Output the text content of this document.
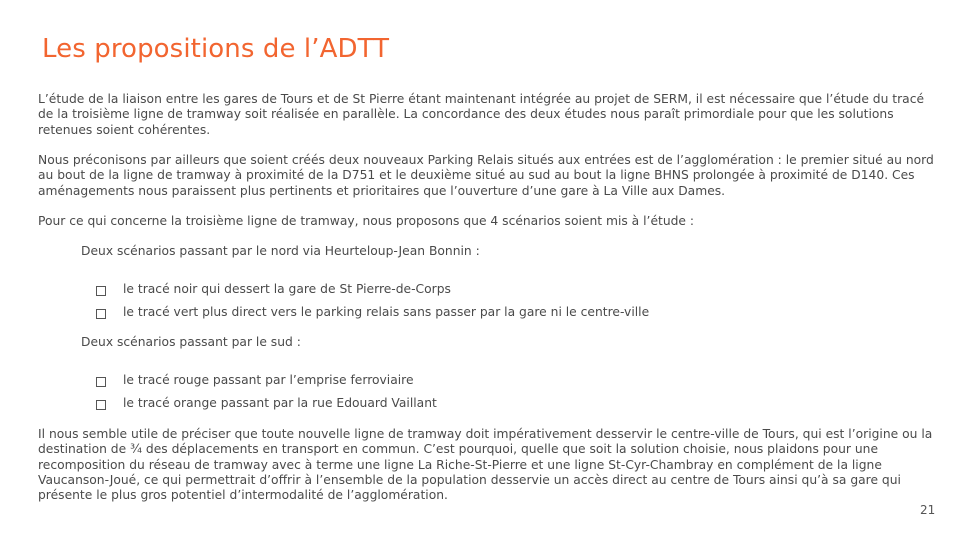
Les propositions de l’ADTT

L’étude de la liaison entre les gares de Tours et de St Pierre étant maintenant intégrée au projet de SERM, il est nécessaire que l’étude du tracé de la troisième ligne de tramway soit réalisée en parallèle. La concordance des deux études nous paraît primordiale pour que les solutions retenues soient cohérentes.

Nous préconisons par ailleurs que soient créés deux nouveaux Parking Relais situés aux entrées est de l’agglomération : le premier situé au nord au bout de la ligne de tramway à proximité de la D751 et le deuxième situé au sud au bout la ligne BHNS prolongée à proximité de D140. Ces aménagements nous paraissent plus pertinents et prioritaires que l’ouverture d’une gare à La Ville aux Dames.

Pour ce qui concerne la troisième ligne de tramway, nous proposons que 4 scénarios soient mis à l’étude :

Deux scénarios passant par le nord via Heurteloup-Jean Bonnin :
le tracé noir qui dessert la gare de St Pierre-de-Corps
le tracé vert plus direct vers le parking relais sans passer par la gare ni le centre-ville
Deux scénarios passant par le sud :
le tracé rouge passant par l’emprise ferroviaire
le tracé orange passant par la rue Edouard Vaillant

Il nous semble utile de préciser que toute nouvelle ligne de tramway doit impérativement desservir le centre-ville de Tours, qui est l’origine ou la destination de ¾ des déplacements en transport en commun. C’est pourquoi, quelle que soit la solution choisie, nous plaidons pour une recomposition du réseau de tramway avec à terme une ligne La Riche-St-Pierre et une ligne St-Cyr-Chambray en complément de la ligne Vaucanson-Joué, ce qui permettrait d’offrir à l’ensemble de la population desservie un accès direct au centre de Tours ainsi qu’à sa gare qui présente le plus gros potentiel d’intermodalité de l’agglomération.

21
